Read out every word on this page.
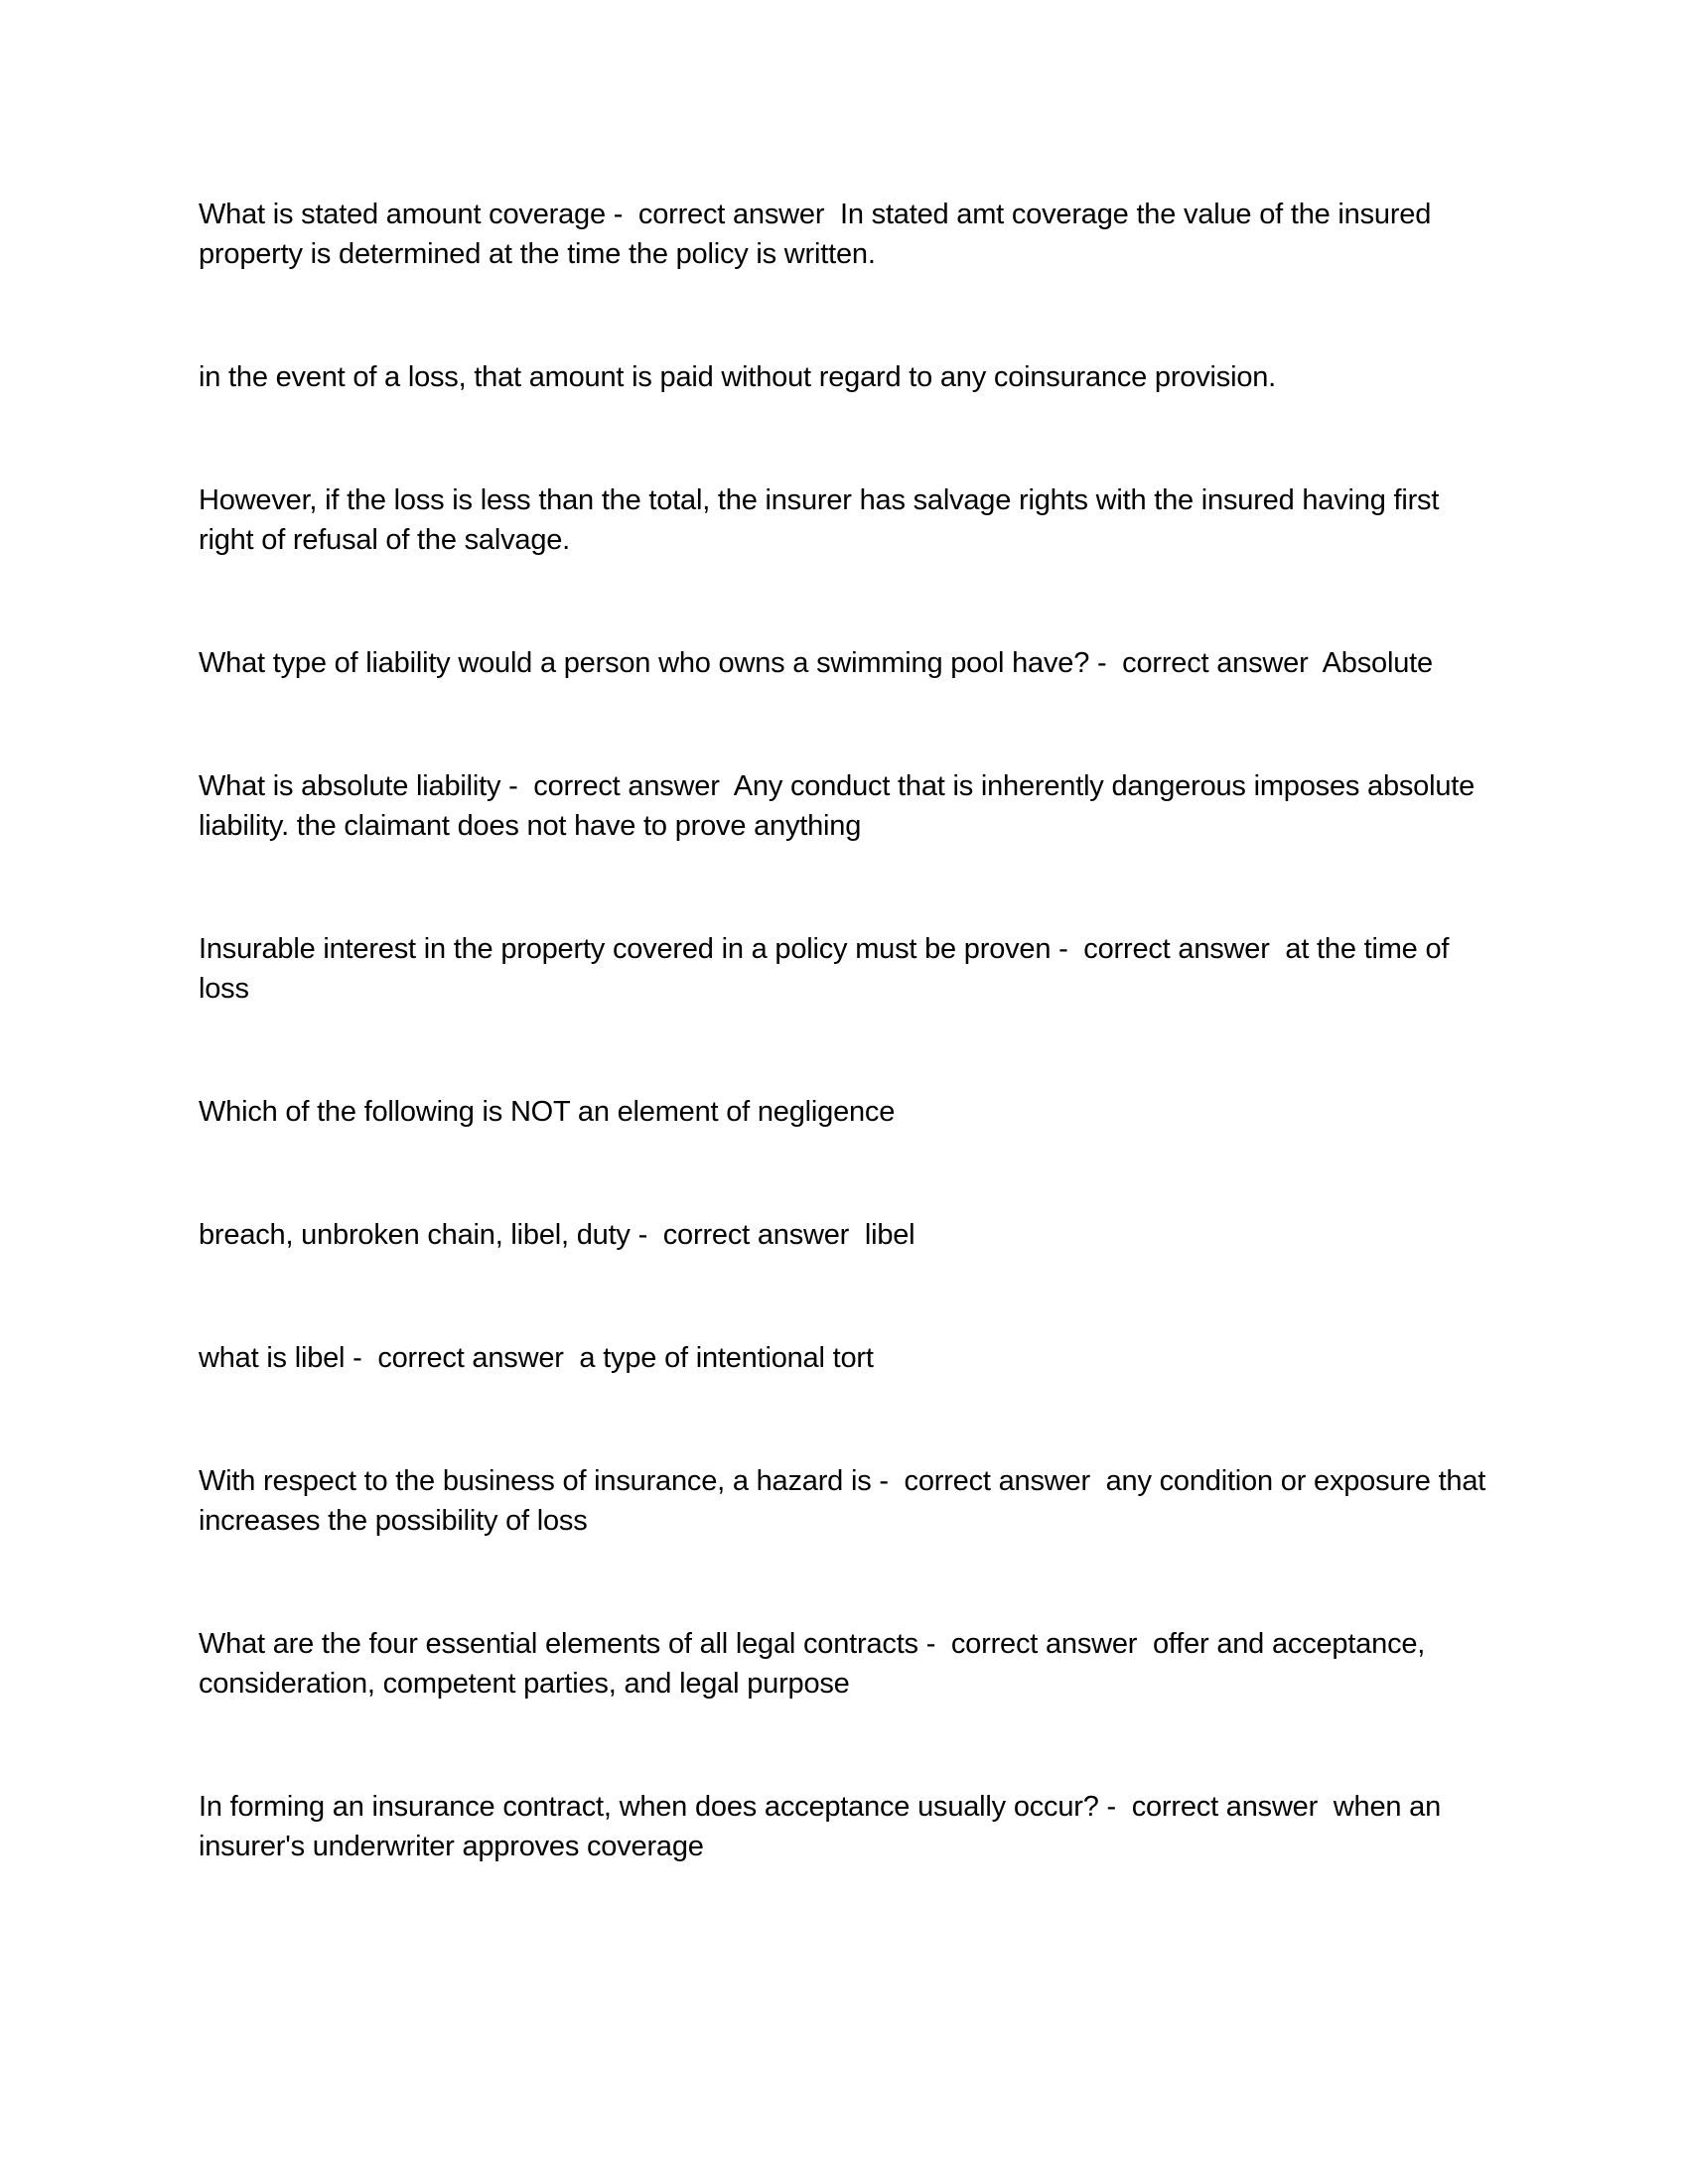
What is stated amount coverage -  correct answer  In stated amt coverage the value of the insured property is determined at the time the policy is written.

in the event of a loss, that amount is paid without regard to any coinsurance provision.

However, if the loss is less than the total, the insurer has salvage rights with the insured having first right of refusal of the salvage.

What type of liability would a person who owns a swimming pool have? -  correct answer  Absolute

What is absolute liability -  correct answer  Any conduct that is inherently dangerous imposes absolute liability. the claimant does not have to prove anything

Insurable interest in the property covered in a policy must be proven -  correct answer  at the time of loss

Which of the following is NOT an element of negligence

breach, unbroken chain, libel, duty -  correct answer  libel

what is libel -  correct answer  a type of intentional tort

With respect to the business of insurance, a hazard is -  correct answer  any condition or exposure that increases the possibility of loss

What are the four essential elements of all legal contracts -  correct answer  offer and acceptance, consideration, competent parties, and legal purpose

In forming an insurance contract, when does acceptance usually occur? -  correct answer  when an insurer's underwriter approves coverage
